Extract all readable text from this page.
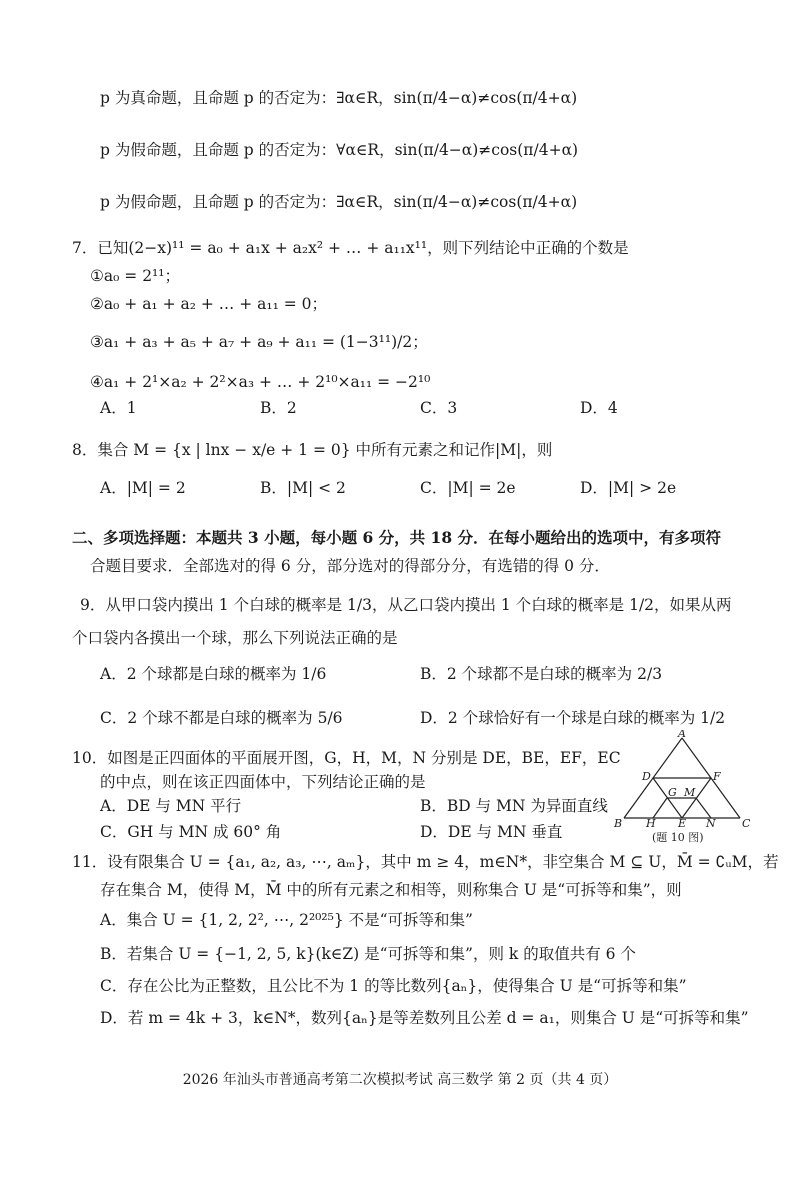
p 为真命题，且命题 p 的否定为：∃α∈R，sin(π/4−α)≠cos(π/4+α)
p 为假命题，且命题 p 的否定为：∀α∈R，sin(π/4−α)≠cos(π/4+α)
p 为假命题，且命题 p 的否定为：∃α∈R，sin(π/4−α)≠cos(π/4+α)
7．已知(2−x)¹¹ = a₀ + a₁x + a₂x² + … + a₁₁x¹¹，则下列结论中正确的个数是
①a₀ = 2¹¹；
②a₀ + a₁ + a₂ + … + a₁₁ = 0；
③a₁ + a₃ + a₅ + a₇ + a₉ + a₁₁ = (1−3¹¹)/2；
④a₁ + 2¹×a₂ + 2²×a₃ + … + 2¹⁰×a₁₁ = −2¹⁰
A．1	B．2	C．3	D．4
8．集合 M = {x | lnx − x/e + 1 = 0} 中所有元素之和记作|M|，则
A．|M| = 2	B．|M| < 2	C．|M| = 2e	D．|M| > 2e
二、多项选择题：本题共 3 小题，每小题 6 分，共 18 分．在每小题给出的选项中，有多项符
合题目要求．全部选对的得 6 分，部分选对的得部分分，有选错的得 0 分．
9．从甲口袋内摸出 1 个白球的概率是 1/3，从乙口袋内摸出 1 个白球的概率是 1/2，如果从两
个口袋内各摸出一个球，那么下列说法正确的是
A．2 个球都是白球的概率为 1/6	B．2 个球都不是白球的概率为 2/3
C．2 个球不都是白球的概率为 5/6	D．2 个球恰好有一个球是白球的概率为 1/2
10．如图是正四面体的平面展开图，G，H，M，N 分别是 DE，BE，EF，EC
的中点，则在该正四面体中，下列结论正确的是
A．DE 与 MN 平行	B．BD 与 MN 为异面直线
C．GH 与 MN 成 60° 角	D．DE 与 MN 垂直
A
D	F
G M
B H E N C
(题 10 图)
11．设有限集合 U = {a₁, a₂, a₃, ⋯, aₘ}，其中 m ≥ 4，m∈N*，非空集合 M ⊆ U，M̄ = ∁ᵤM，若
存在集合 M，使得 M，M̄ 中的所有元素之和相等，则称集合 U 是“可拆等和集”，则
A．集合 U = {1, 2, 2², ⋯, 2²⁰²⁵} 不是“可拆等和集”
B．若集合 U = {−1, 2, 5, k}(k∈Z) 是“可拆等和集”，则 k 的取值共有 6 个
C．存在公比为正整数，且公比不为 1 的等比数列{aₙ}，使得集合 U 是“可拆等和集”
D．若 m = 4k + 3，k∈N*，数列{aₙ}是等差数列且公差 d = a₁，则集合 U 是“可拆等和集”
2026 年汕头市普通高考第二次模拟考试 高三数学 第 2 页（共 4 页）
